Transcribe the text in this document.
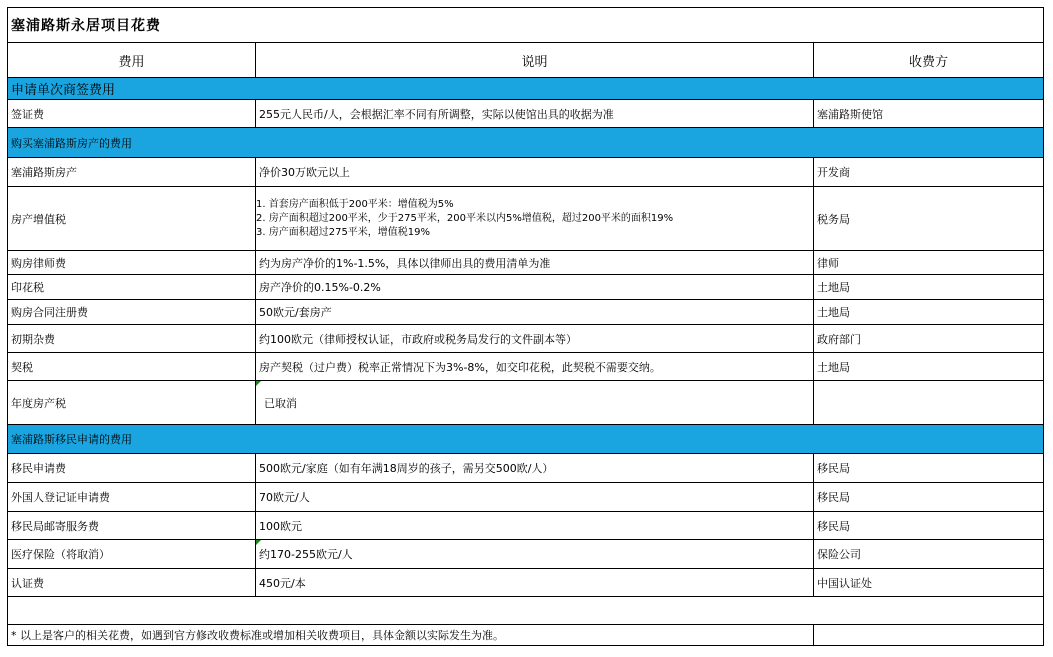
塞浦路斯永居项目花费		
费用	说明	收费方
申请单次商签费用		
签证费	255元人民币/人，会根据汇率不同有所调整，实际以使馆出具的收据为准	塞浦路斯使馆
购买塞浦路斯房产的费用		
塞浦路斯房产	净价30万欧元以上	开发商
房产增值税	1. 首套房产面积低于200平米：增值税为5%
2. 房产面积超过200平米，少于275平米，200平米以内5%增值税，超过200平米的面积19%
3. 房产面积超过275平米，增值税19%	税务局
购房律师费	约为房产净价的1%-1.5%，具体以律师出具的费用清单为准	律师
印花税	房产净价的0.15%-0.2%	土地局
购房合同注册费	50欧元/套房产	土地局
初期杂费	约100欧元（律师授权认证，市政府或税务局发行的文件副本等）	政府部门
契税	房产契税（过户费）税率正常情况下为3%-8%，如交印花税，此契税不需要交纳。	土地局
年度房产税	已取消	
塞浦路斯移民申请的费用		
移民申请费	500欧元/家庭（如有年满18周岁的孩子，需另交500欧/人）	移民局
外国人登记证申请费	70欧元/人	移民局
移民局邮寄服务费	100欧元	移民局
医疗保险（将取消）	约170-255欧元/人	保险公司
认证费	450元/本	中国认证处

* 以上是客户的相关花费，如遇到官方修改收费标准或增加相关收费项目，具体金额以实际发生为准。		
